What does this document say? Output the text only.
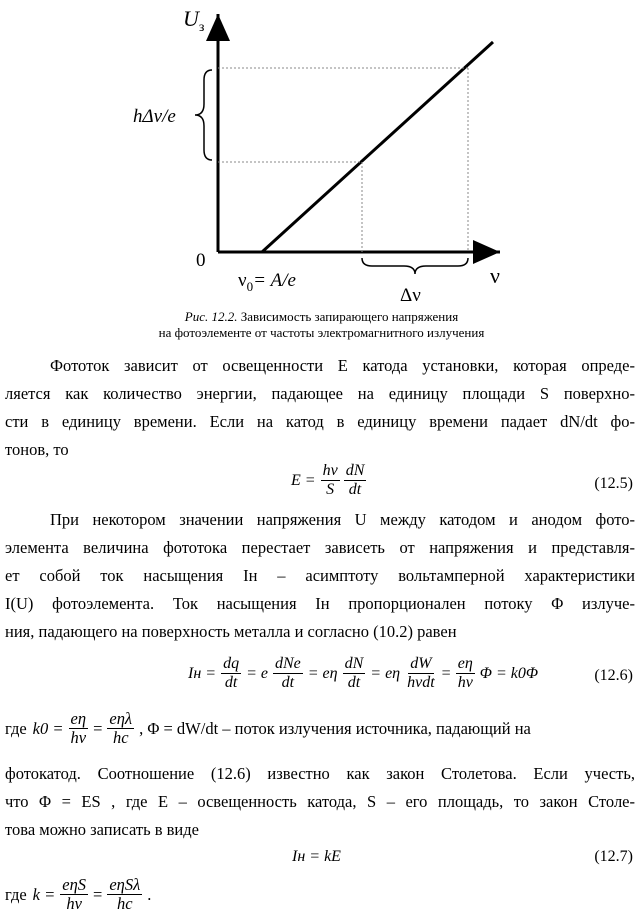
$U_з$
ν
0
hΔν/e
$\nu_0= A/e$
Δν
Рис. 12.2. Зависимость запирающего напряжения
на фотоэлементе от частоты электромагнитного излучения
Фототок зависит от освещенности E катода установки, которая опреде-
ляется как количество энергии, падающее на единицу площади S поверхно-
сти в единицу времени. Если на катод в единицу времени падает dN/dt фо-
тонов, то
$E = \frac{h\nu}{S} \frac{dN}{dt}$	(12.5)
При некотором значении напряжения U между катодом и анодом фото-
элемента величина фототока перестает зависеть от напряжения и представля-
ет собой ток насыщения Iн – асимптоту вольтамперной характеристики
I(U) фотоэлемента. Ток насыщения Iн пропорционален потоку Φ излуче-
ния, падающего на поверхность металла и согласно (10.2) равен
Iн = $\frac{dq}{dt} = e \frac{\text{dNe}}{dt} = e\eta \frac{dN}{dt} = e\eta \frac{dW}{\text{hνdt}} = \frac{e\eta}{h\nu}$ Φ = k0Φ	(12.6)
где $k0 = \frac{e\eta}{h\nu} = \frac{\text{eηλ}}{hc}$ , Φ = dW/dt – поток излучения источника, падающий на
фотокатод. Соотношение (12.6) известно как закон Столетова. Если учесть,
что Φ = ES , где E – освещенность катода, S – его площадь, то закон Столе-
това можно записать в виде
Iн = kE	(12.7)
где $k = \frac{\text{eηS}}{h\nu} = \frac{\text{eηSλ}}{hc}$ .
